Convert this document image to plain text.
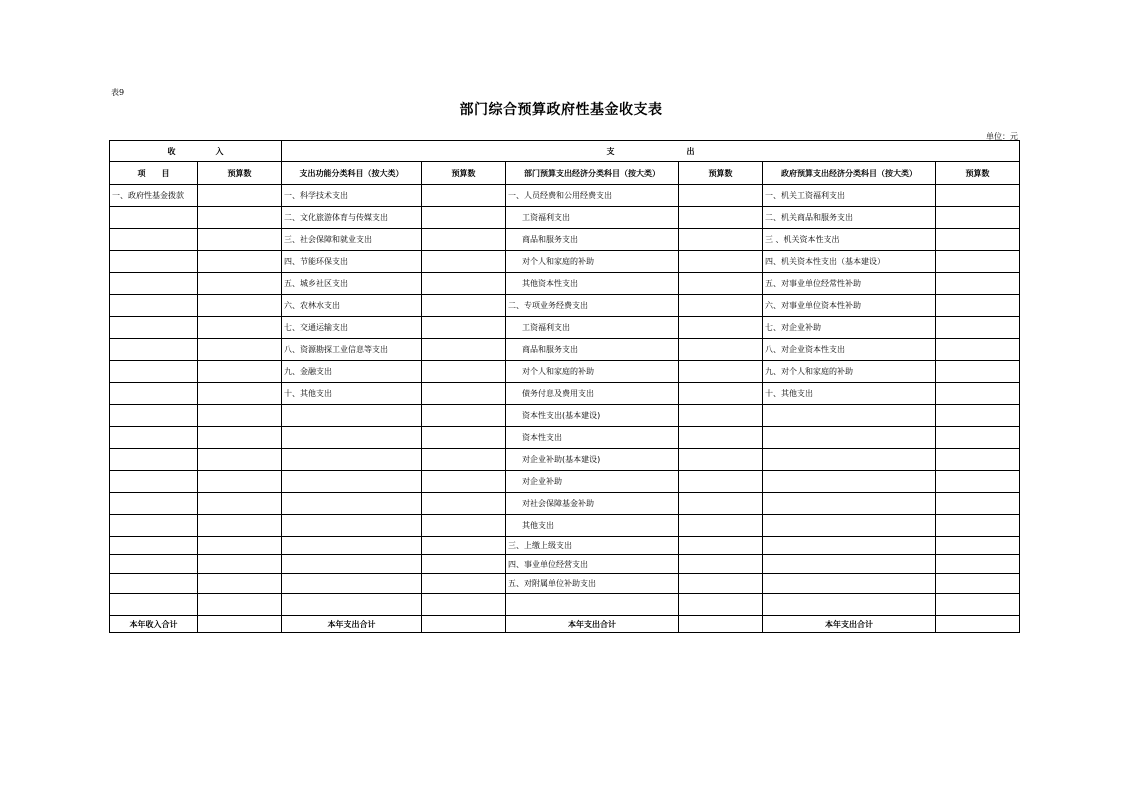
表9
部门综合预算政府性基金收支表
单位：元
收　　　　　入		支　　　　　　　　　出					
项　　目	预算数	支出功能分类科目（按大类）	预算数	部门预算支出经济分类科目（按大类）	预算数	政府预算支出经济分类科目（按大类）	预算数
一、政府性基金拨款		一、科学技术支出		一、人员经费和公用经费支出		一、机关工资福利支出	
		二、文化旅游体育与传媒支出		工资福利支出		二、机关商品和服务支出	
		三、社会保障和就业支出		商品和服务支出		三 、机关资本性支出	
		四、节能环保支出		对个人和家庭的补助		四、机关资本性支出（基本建设）	
		五、城乡社区支出		其他资本性支出		五、对事业单位经常性补助	
		六、农林水支出		二、专项业务经费支出		六、对事业单位资本性补助	
		七、交通运输支出		工资福利支出		七、对企业补助	
		八、资源勘探工业信息等支出		商品和服务支出		八、对企业资本性支出	
		九、金融支出		对个人和家庭的补助		九、对个人和家庭的补助	
		十、其他支出		债务付息及费用支出		十、其他支出	
				资本性支出(基本建设)			
				资本性支出			
				对企业补助(基本建设)			
				对企业补助			
				对社会保障基金补助			
				其他支出			
				三、上缴上级支出			
				四、事业单位经营支出			
				五、对附属单位补助支出			

本年收入合计		本年支出合计		本年支出合计		本年支出合计	
